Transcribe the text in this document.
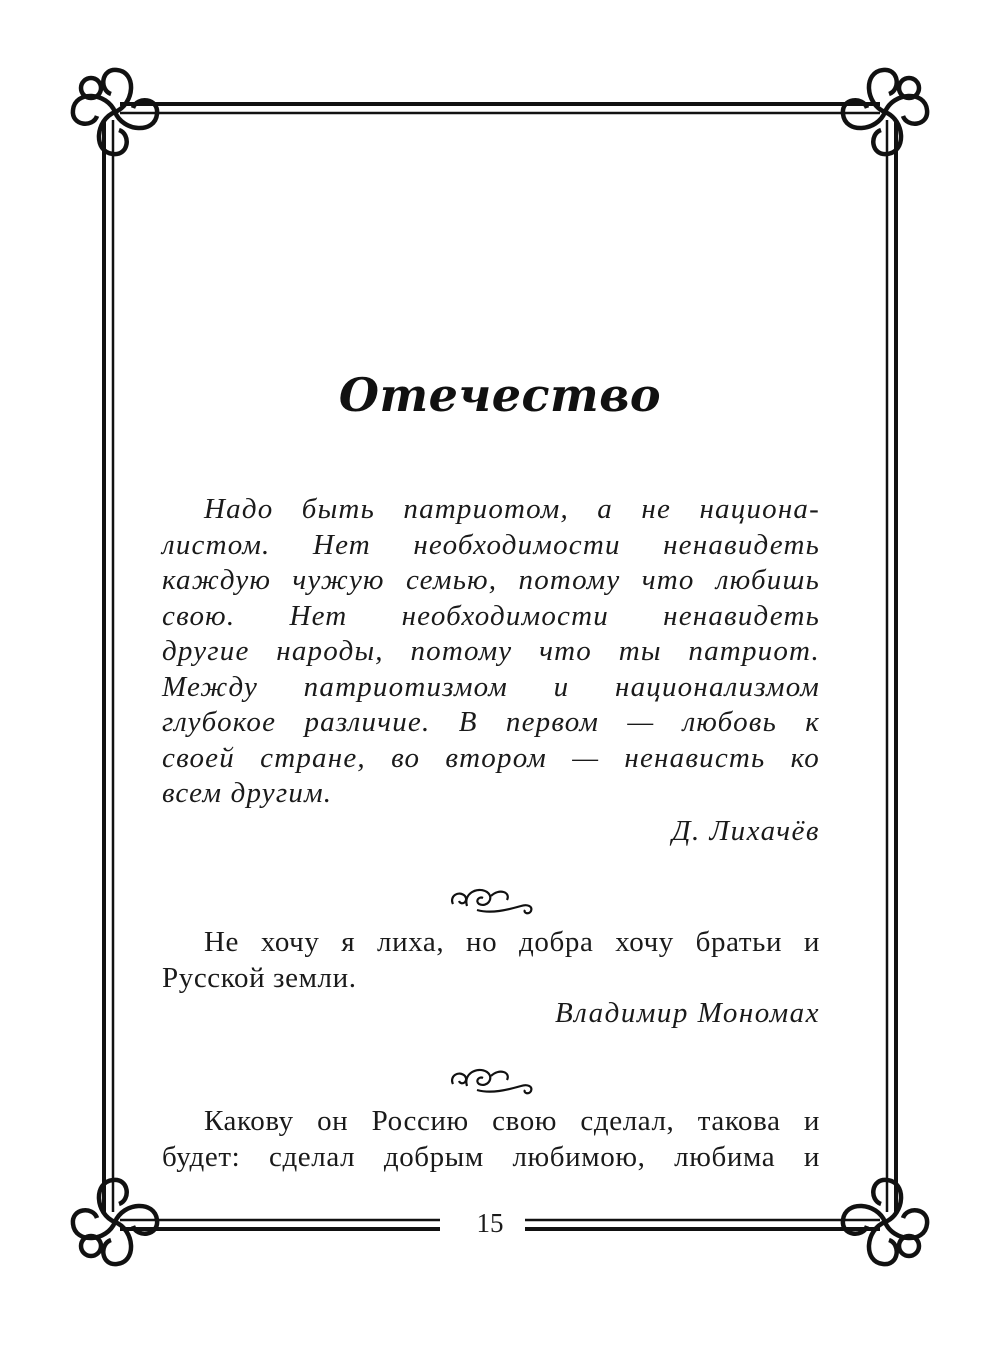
Отечество
Надо быть патриотом, а не национа-
листом. Нет необходимости ненавидеть
каждую чужую семью, потому что любишь
свою. Нет необходимости ненавидеть
другие народы, потому что ты патриот.
Между патриотизмом и национализмом
глубокое различие. В первом — любовь к
своей стране, во втором — ненависть ко
всем другим.
Д. Лихачёв
Не хочу я лиха, но добра хочу братьи и
Русской земли.
Владимир Мономах
Какову он Россию свою сделал, такова и
будет: сделал добрым любимою, любима и
15
